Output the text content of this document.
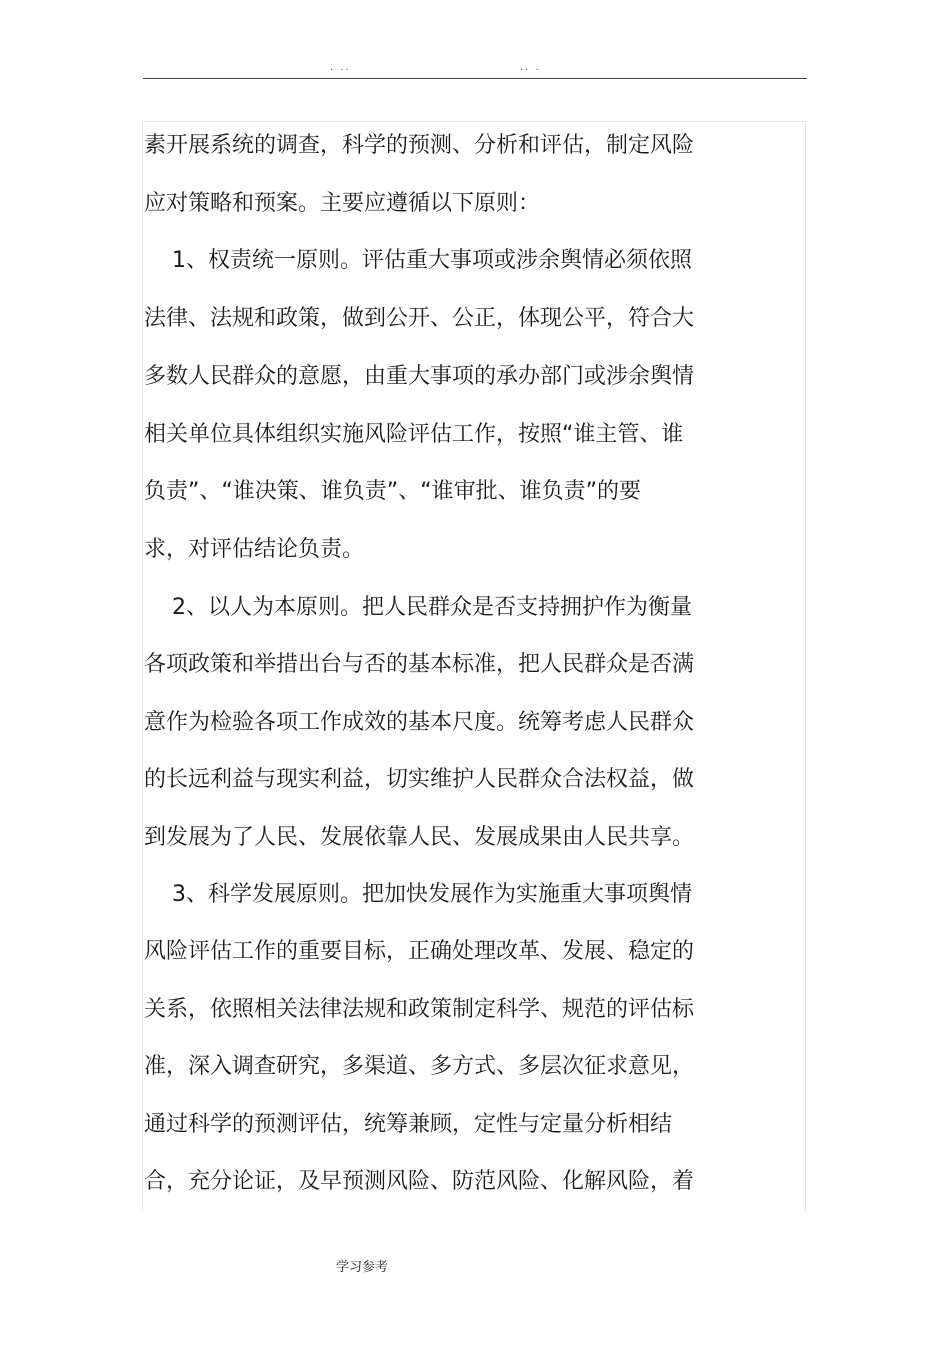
. ..	.. .
素开展系统的调查，科学的预测、分析和评估，制定风险
应对策略和预案。主要应遵循以下原则：
1、权责统一原则。评估重大事项或涉余舆情必须依照
法律、法规和政策，做到公开、公正，体现公平，符合大
多数人民群众的意愿，由重大事项的承办部门或涉余舆情
相关单位具体组织实施风险评估工作，按照“谁主管、谁
负责”、“谁决策、谁负责”、“谁审批、谁负责”的要
求，对评估结论负责。
2、以人为本原则。把人民群众是否支持拥护作为衡量
各项政策和举措出台与否的基本标准，把人民群众是否满
意作为检验各项工作成效的基本尺度。统筹考虑人民群众
的长远利益与现实利益，切实维护人民群众合法权益，做
到发展为了人民、发展依靠人民、发展成果由人民共享。
3、科学发展原则。把加快发展作为实施重大事项舆情
风险评估工作的重要目标，正确处理改革、发展、稳定的
关系，依照相关法律法规和政策制定科学、规范的评估标
准，深入调查研究，多渠道、多方式、多层次征求意见，
通过科学的预测评估，统筹兼顾，定性与定量分析相结
合，充分论证，及早预测风险、防范风险、化解风险，着
学习参考
